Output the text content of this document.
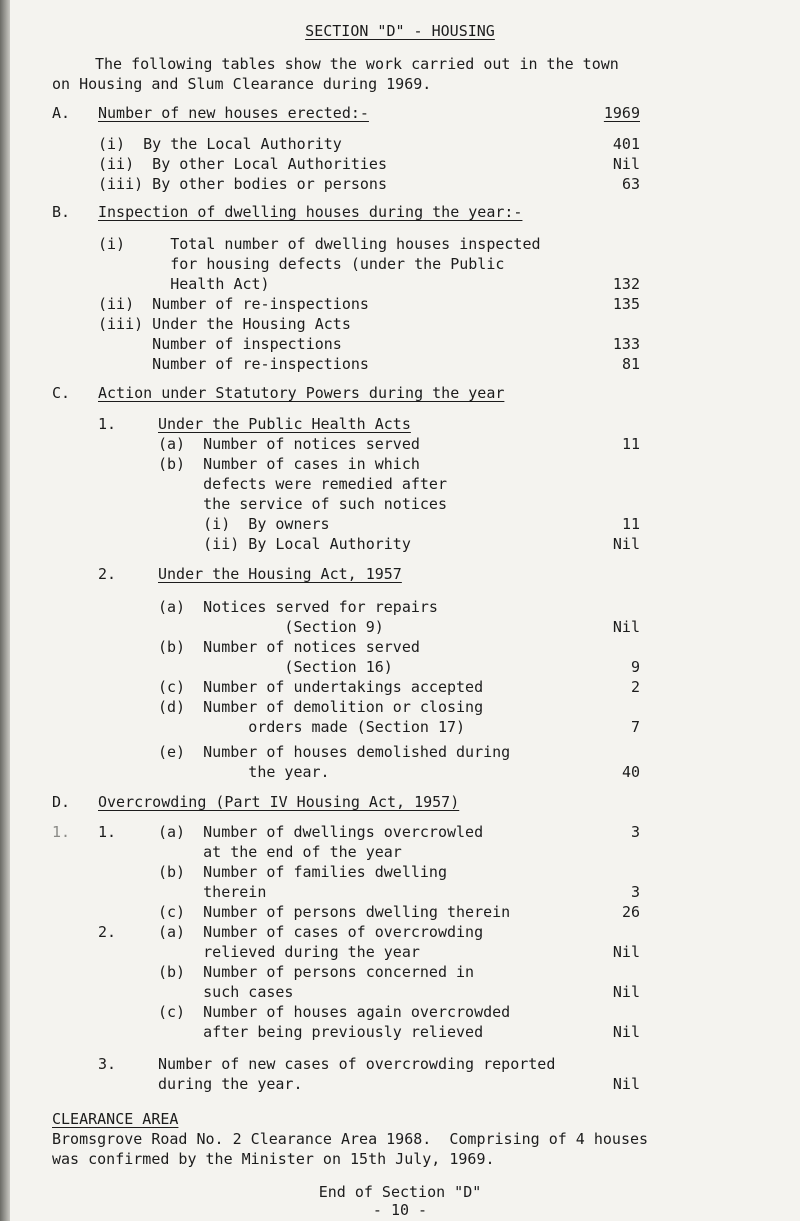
SECTION "D" - HOUSING
The following tables show the work carried out in the town
on Housing and Slum Clearance during 1969.
A. Number of new houses erected:-	1969
(i)  By the Local Authority	401
(ii)  By other Local Authorities	Nil
(iii) By other bodies or persons	63
B. Inspection of dwelling houses during the year:-
(i)     Total number of dwelling houses inspected
for housing defects (under the Public
Health Act)	132
(ii)  Number of re-inspections	135
(iii) Under the Housing Acts
Number of inspections	133
Number of re-inspections	81
C. Action under Statutory Powers during the year
1.	Under the Public Health Acts
(a)  Number of notices served	11
(b)  Number of cases in which
defects were remedied after
the service of such notices
(i)  By owners	11
(ii) By Local Authority	Nil
2.	Under the Housing Act, 1957
(a)  Notices served for repairs
(Section 9)	Nil
(b)  Number of notices served
(Section 16)	9
(c)  Number of undertakings accepted	2
(d)  Number of demolition or closing
orders made (Section 17)	7
(e)  Number of houses demolished during
the year.	40
D. Overcrowding (Part IV Housing Act, 1957)
1. 1.	(a)  Number of dwellings overcrowled	3
at the end of the year
(b)  Number of families dwelling
therein	3
(c)  Number of persons dwelling therein	26
2.	(a)  Number of cases of overcrowding
relieved during the year	Nil
(b)  Number of persons concerned in
such cases	Nil
(c)  Number of houses again overcrowded
after being previously relieved	Nil
3.	Number of new cases of overcrowding reported
during the year.	Nil
CLEARANCE AREA
Bromsgrove Road No. 2 Clearance Area 1968.  Comprising of 4 houses
was confirmed by the Minister on 15th July, 1969.
End of Section "D"
- 10 -
